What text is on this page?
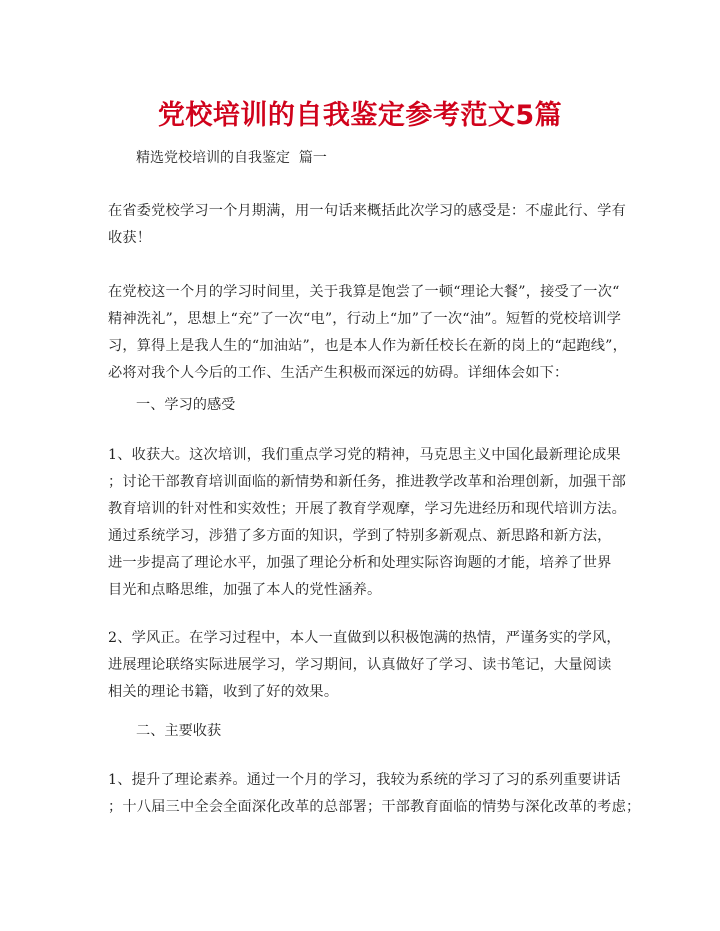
党校培训的自我鉴定参考范文5篇
精选党校培训的自我鉴定  篇一
在省委党校学习一个月期满，用一句话来概括此次学习的感受是：不虚此行、学有
收获！
在党校这一个月的学习时间里，关于我算是饱尝了一顿“理论大餐”，接受了一次“
精神洗礼”，思想上“充”了一次“电”，行动上“加”了一次“油”。短暂的党校培训学
习，算得上是我人生的“加油站”，也是本人作为新任校长在新的岗上的“起跑线”，
必将对我个人今后的工作、生活产生积极而深远的妨碍。详细体会如下：
一、学习的感受
1、收获大。这次培训，我们重点学习党的精神，马克思主义中国化最新理论成果
；讨论干部教育培训面临的新情势和新任务，推进教学改革和治理创新，加强干部
教育培训的针对性和实效性；开展了教育学观摩，学习先进经历和现代培训方法。
通过系统学习，涉猎了多方面的知识，学到了特别多新观点、新思路和新方法，
进一步提高了理论水平，加强了理论分析和处理实际咨询题的才能，培养了世界
目光和点略思维，加强了本人的党性涵养。
2、学风正。在学习过程中，本人一直做到以积极饱满的热情，严谨务实的学风，
进展理论联络实际进展学习，学习期间，认真做好了学习、读书笔记，大量阅读
相关的理论书籍，收到了好的效果。
二、主要收获
1、提升了理论素养。通过一个月的学习，我较为系统的学习了习的系列重要讲话
；十八届三中全会全面深化改革的总部署；干部教育面临的情势与深化改革的考虑；
